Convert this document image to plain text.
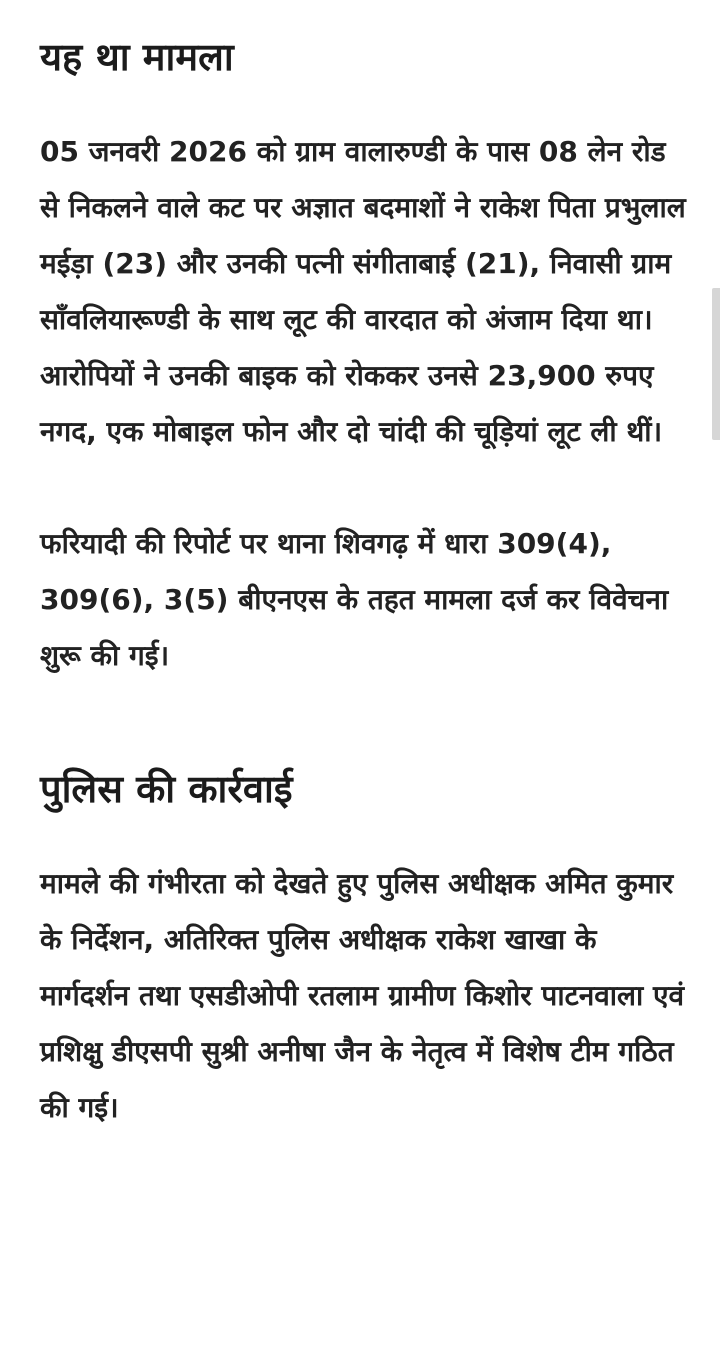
यह था मामला

05 जनवरी 2026 को ग्राम वालारुण्डी के पास 08 लेन रोड से निकलने वाले कट पर अज्ञात बदमाशों ने राकेश पिता प्रभुलाल मईड़ा (23) और उनकी पत्नी संगीताबाई (21), निवासी ग्राम साँवलियारूण्डी के साथ लूट की वारदात को अंजाम दिया था। आरोपियों ने उनकी बाइक को रोककर उनसे 23,900 रुपए नगद, एक मोबाइल फोन और दो चांदी की चूड़ियां लूट ली थीं।

फरियादी की रिपोर्ट पर थाना शिवगढ़ में धारा 309(4), 309(6), 3(5) बीएनएस के तहत मामला दर्ज कर विवेचना शुरू की गई।

पुलिस की कार्रवाई

मामले की गंभीरता को देखते हुए पुलिस अधीक्षक अमित कुमार के निर्देशन, अतिरिक्त पुलिस अधीक्षक राकेश खाखा के मार्गदर्शन तथा एसडीओपी रतलाम ग्रामीण किशोर पाटनवाला एवं प्रशिक्षु डीएसपी सुश्री अनीषा जैन के नेतृत्व में विशेष टीम गठित की गई।
